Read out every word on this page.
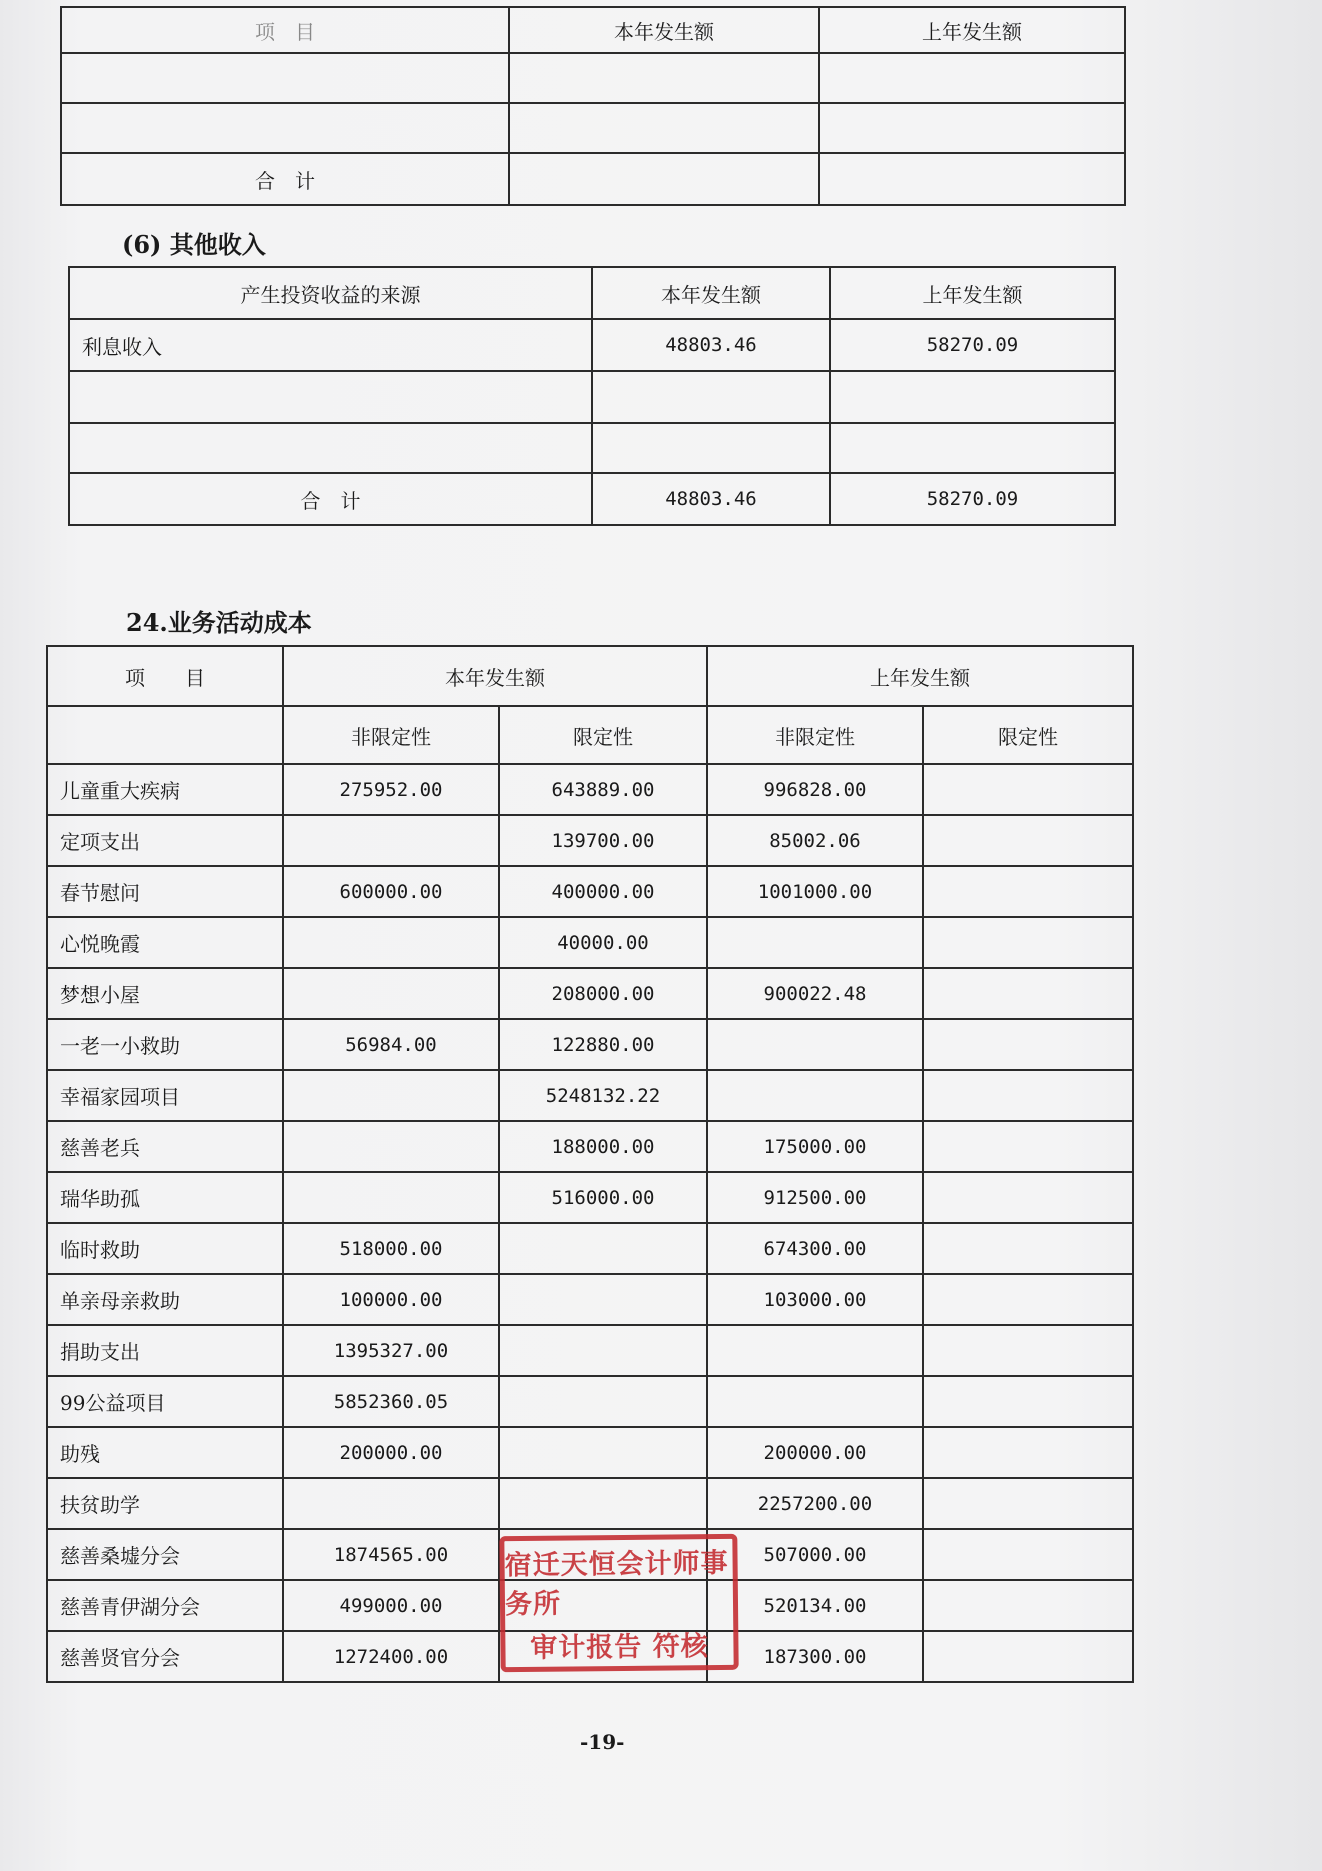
项　目	本年发生额	上年发生额

合　计		
(6) 其他收入
产生投资收益的来源	本年发生额	上年发生额
利息收入	48803.46	58270.09

合　计	48803.46	58270.09
24.业务活动成本
项　　目	本年发生额		上年发生额	
	非限定性	限定性	非限定性	限定性
儿童重大疾病	275952.00	643889.00	996828.00	
定项支出		139700.00	85002.06	
春节慰问	600000.00	400000.00	1001000.00	
心悦晚霞		40000.00		
梦想小屋		208000.00	900022.48	
一老一小救助	56984.00	122880.00		
幸福家园项目		5248132.22		
慈善老兵		188000.00	175000.00	
瑞华助孤		516000.00	912500.00	
临时救助	518000.00		674300.00	
单亲母亲救助	100000.00		103000.00	
捐助支出	1395327.00			
99公益项目	5852360.05			
助残	200000.00		200000.00	
扶贫助学			2257200.00	
慈善桑墟分会	1874565.00		507000.00	
慈善青伊湖分会	499000.00		520134.00	
慈善贤官分会	1272400.00		187300.00	
宿迁天恒会计师事务所
审计报告 符核
-19-
